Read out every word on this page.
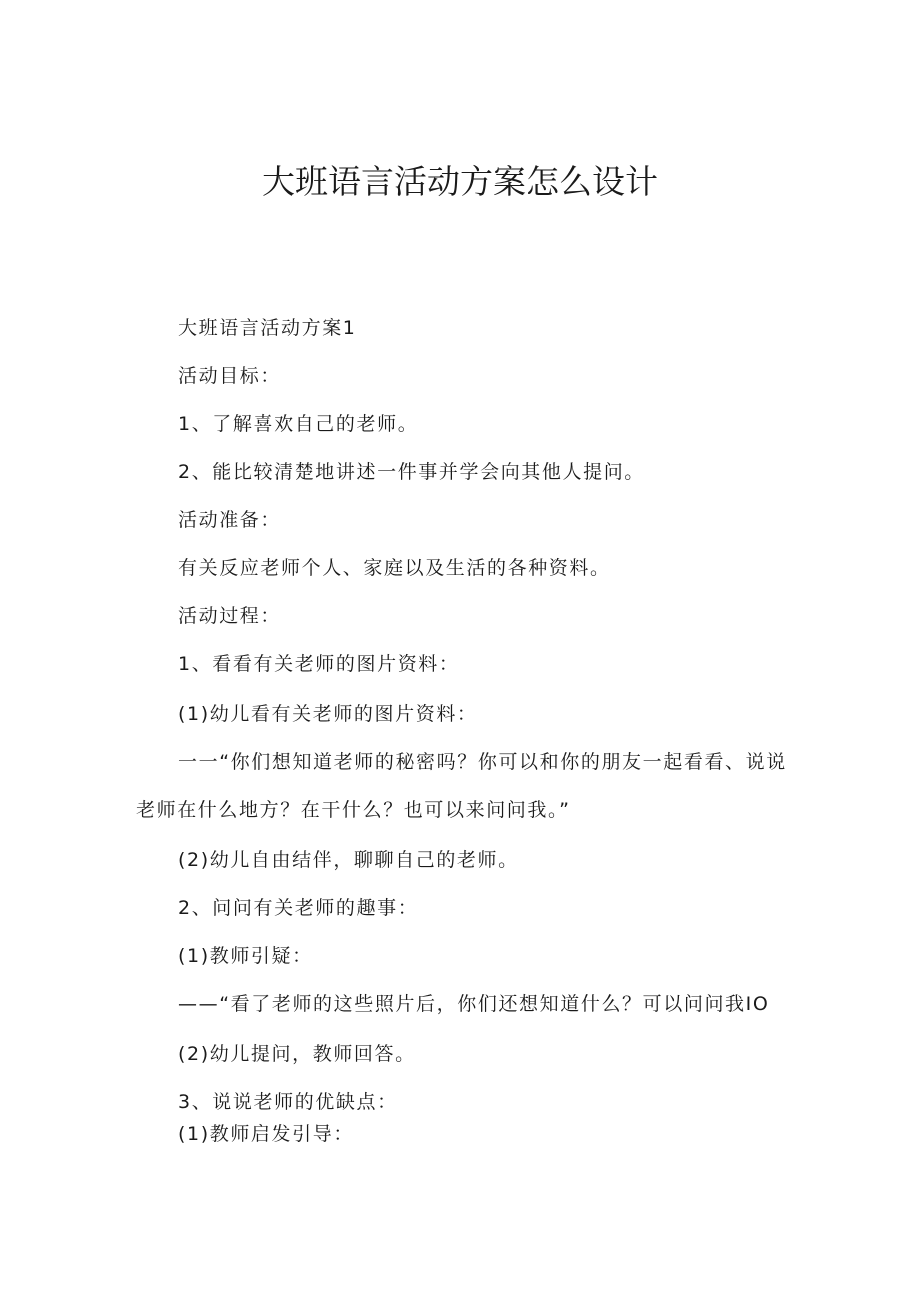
大班语言活动方案怎么设计

大班语言活动方案1

活动目标：

1、了解喜欢自己的老师。

2、能比较清楚地讲述一件事并学会向其他人提问。

活动准备：

有关反应老师个人、家庭以及生活的各种资料。

活动过程：

1、看看有关老师的图片资料：

(1)幼儿看有关老师的图片资料：

一一“你们想知道老师的秘密吗？你可以和你的朋友一起看看、说说

老师在什么地方？在干什么？也可以来问问我。”

(2)幼儿自由结伴，聊聊自己的老师。

2、问问有关老师的趣事：

(1)教师引疑：

——“看了老师的这些照片后，你们还想知道什么？可以问问我IO

(2)幼儿提问，教师回答。

3、说说老师的优缺点：

(1)教师启发引导：
